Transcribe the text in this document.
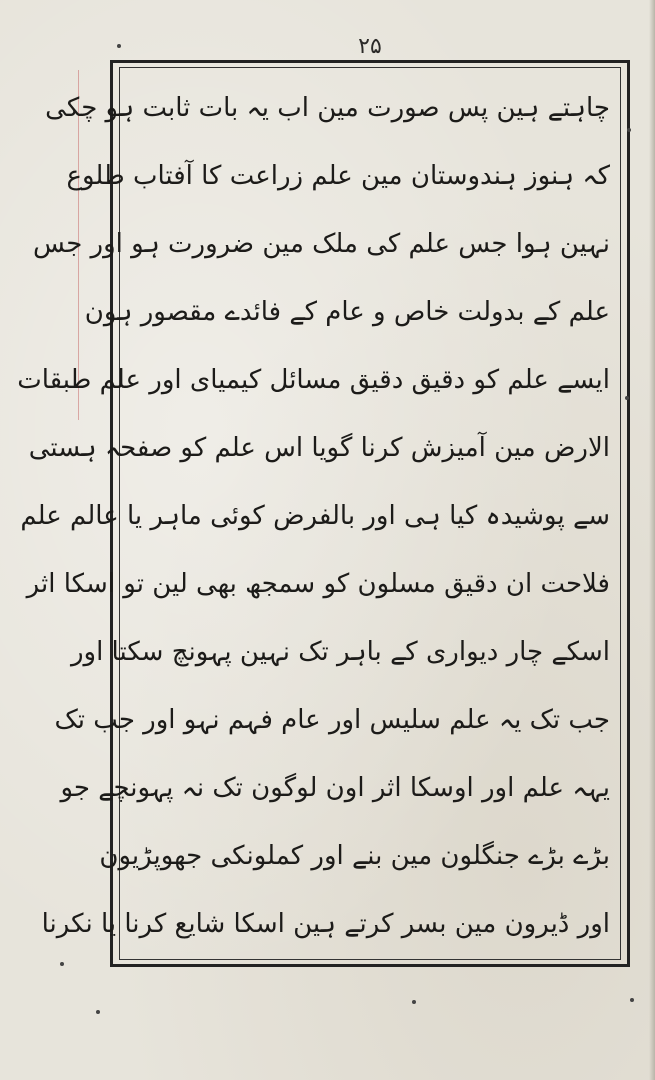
۲۵
چاہتے ہین پس صورت مین اب یہ بات ثابت ہو چکی
کہ ہنوز ہندوستان مین علم زراعت کا آفتاب طلوع
نہین ہوا جس علم کی ملک مین ضرورت ہو اور جس
علم کے بدولت خاص و عام کے فائدے مقصور ہون
ایسے علم کو دقیق دقیق مسائل کیمیای اور علم طبقات
الارض مین آمیزش کرنا گویا اس علم کو صفحہ ہستی
سے پوشیدہ کیا ہی اور بالفرض کوئی ماہر یا عالم علم
فلاحت ان دقیق مسلون کو سمجھ بھی لین تو اسکا اثر
اسکے چار دیواری کے باہر تک نہین پہونچ سکتا اور
جب تک یہ علم سلیس اور عام فہم نہو اور جب تک
یہہ علم اور اوسکا اثر اون لوگون تک نہ پہونچے جو
بڑے بڑے جنگلون مین بنے اور کملونکی جھوپڑیون
اور ڈیرون مین بسر کرتے ہین اسکا شایع کرنا یا نکرنا
